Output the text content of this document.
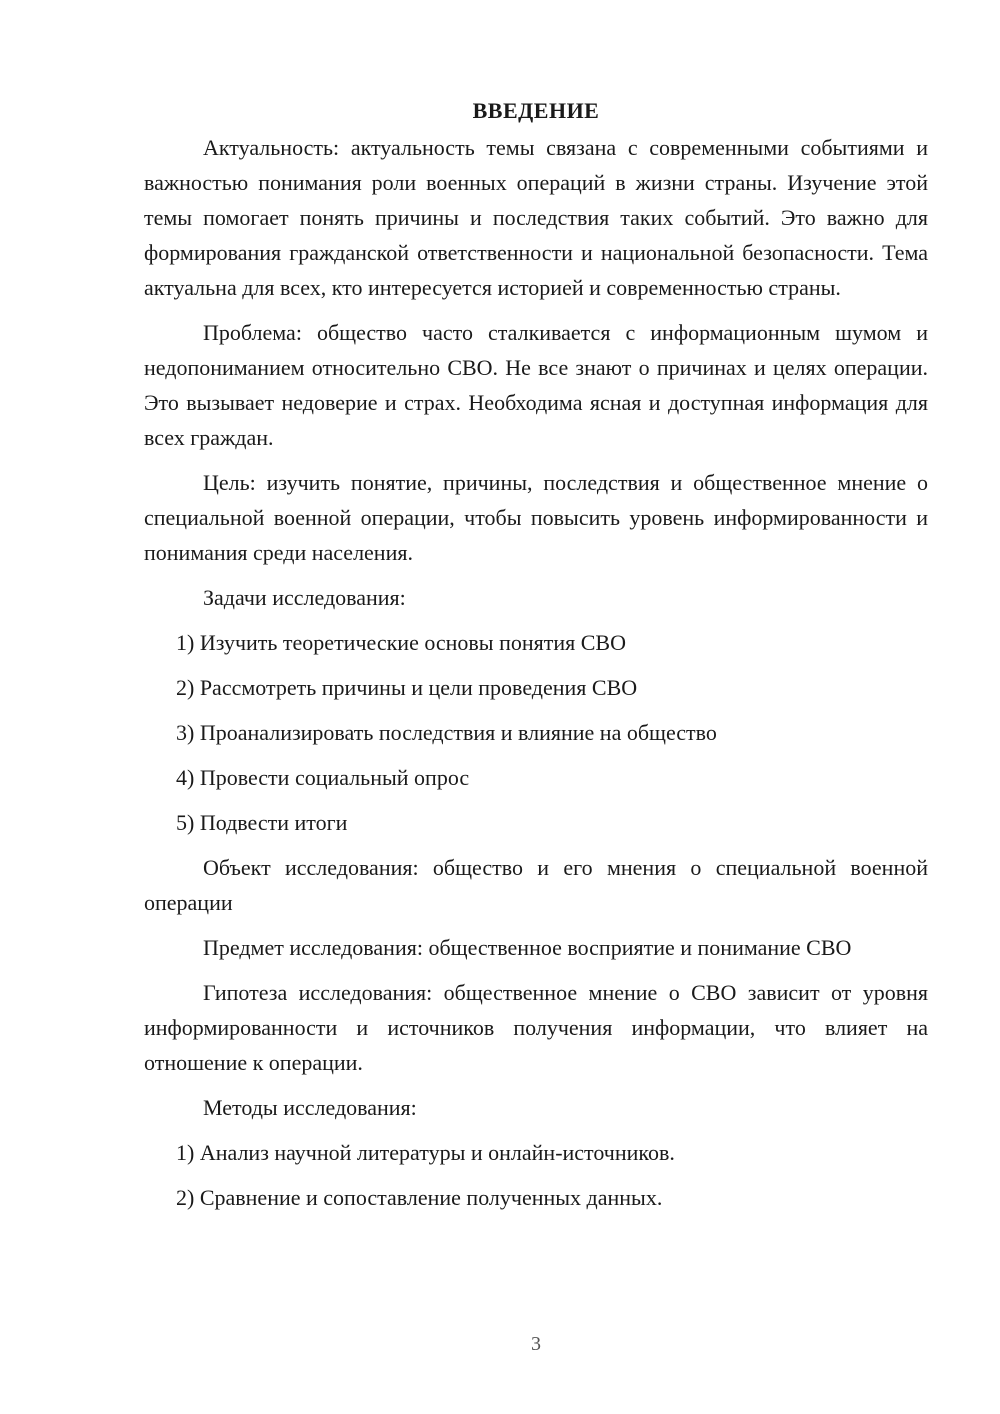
ВВЕДЕНИЕ

Актуальность: актуальность темы связана с современными событиями и важностью понимания роли военных операций в жизни страны. Изучение этой темы помогает понять причины и последствия таких событий. Это важно для формирования гражданской ответственности и национальной безопасности. Тема актуальна для всех, кто интересуется историей и современностью страны.

Проблема: общество часто сталкивается с информационным шумом и недопониманием относительно СВО. Не все знают о причинах и целях операции. Это вызывает недоверие и страх. Необходима ясная и доступная информация для всех граждан.

Цель: изучить понятие, причины, последствия и общественное мнение о специальной военной операции, чтобы повысить уровень информированности и понимания среди населения.

Задачи исследования:
1) Изучить теоретические основы понятия СВО
2) Рассмотреть причины и цели проведения СВО
3) Проанализировать последствия и влияние на общество
4) Провести социальный опрос
5) Подвести итоги

Объект исследования: общество и его мнения о специальной военной операции

Предмет исследования: общественное восприятие и понимание СВО

Гипотеза исследования: общественное мнение о СВО зависит от уровня информированности и источников получения информации, что влияет на отношение к операции.

Методы исследования:
1) Анализ научной литературы и онлайн-источников.
2) Сравнение и сопоставление полученных данных.
3
